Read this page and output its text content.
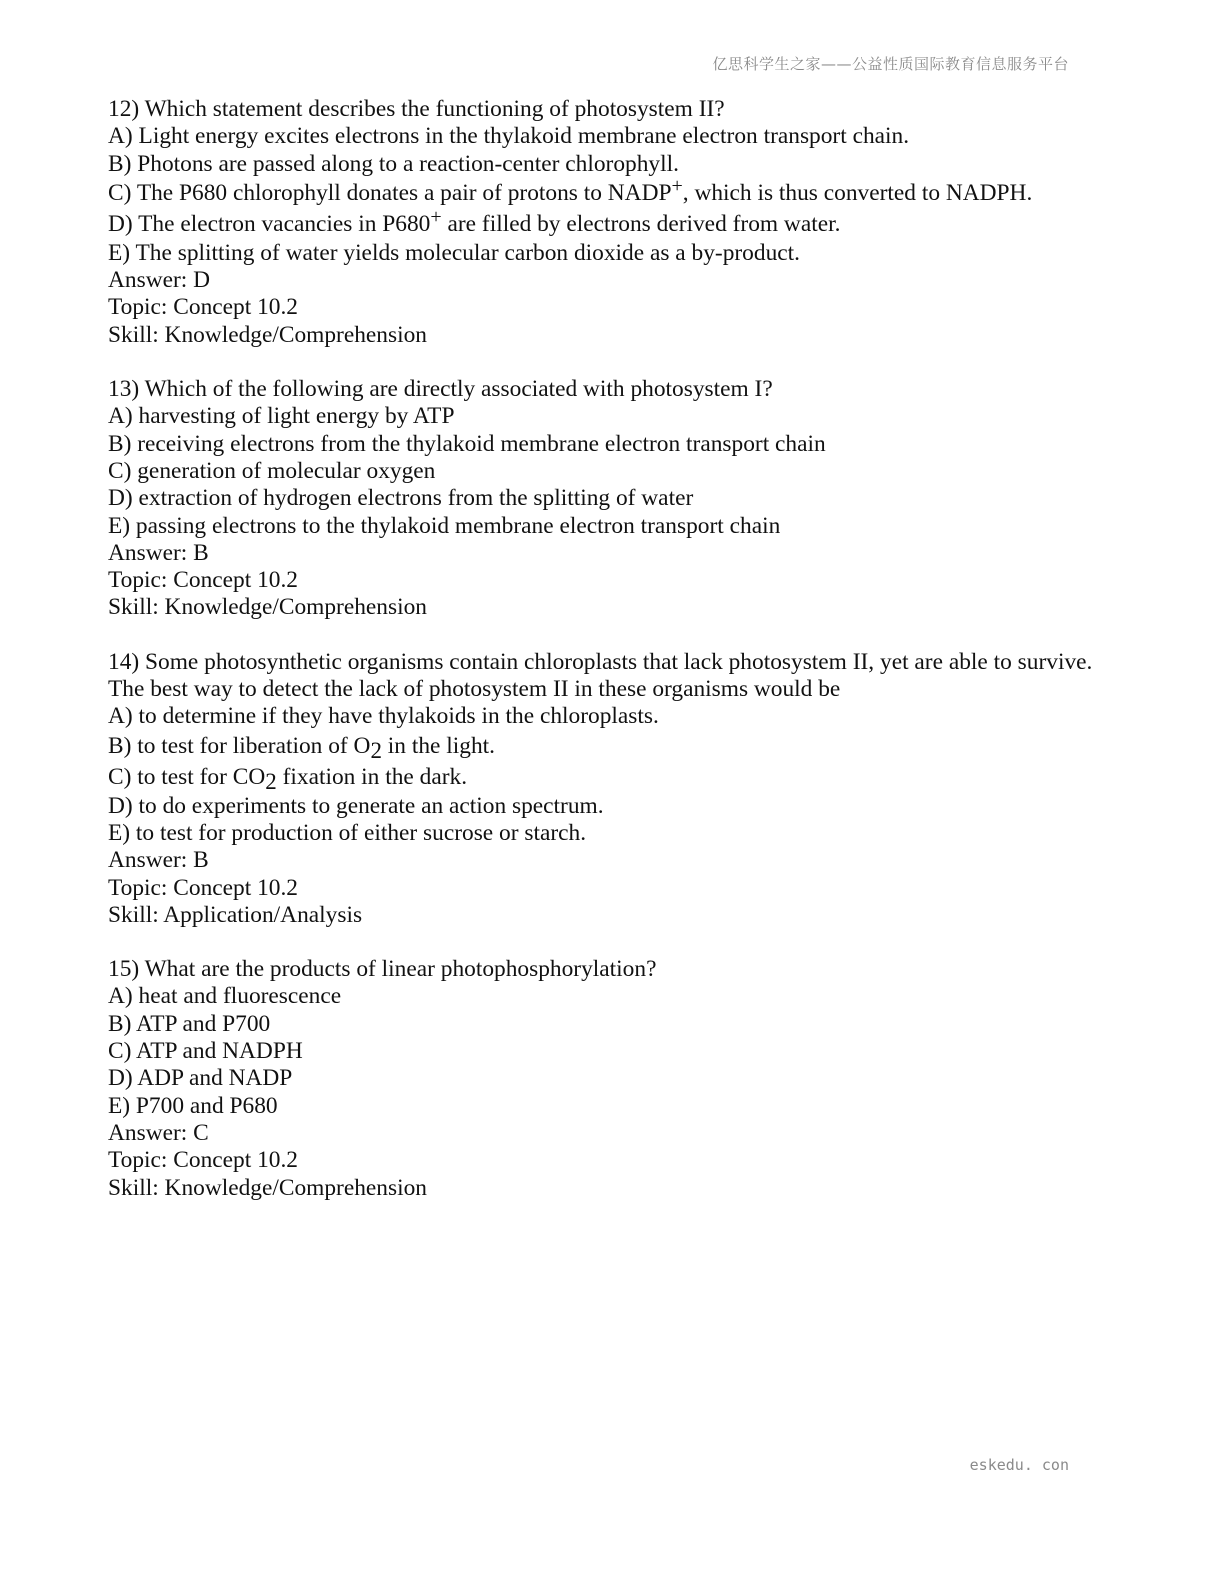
亿思科学生之家——公益性质国际教育信息服务平台
12) Which statement describes the functioning of photosystem II?
A) Light energy excites electrons in the thylakoid membrane electron transport chain.
B) Photons are passed along to a reaction-center chlorophyll.
C) The P680 chlorophyll donates a pair of protons to NADP+, which is thus converted to NADPH.
D) The electron vacancies in P680+ are filled by electrons derived from water.
E) The splitting of water yields molecular carbon dioxide as a by-product.
Answer: D
Topic: Concept 10.2
Skill: Knowledge/Comprehension
13) Which of the following are directly associated with photosystem I?
A) harvesting of light energy by ATP
B) receiving electrons from the thylakoid membrane electron transport chain
C) generation of molecular oxygen
D) extraction of hydrogen electrons from the splitting of water
E) passing electrons to the thylakoid membrane electron transport chain
Answer: B
Topic: Concept 10.2
Skill: Knowledge/Comprehension
14) Some photosynthetic organisms contain chloroplasts that lack photosystem II, yet are able to survive. The best way to detect the lack of photosystem II in these organisms would be
A) to determine if they have thylakoids in the chloroplasts.
B) to test for liberation of $O_2$ in the light.
C) to test for $CO_2$ fixation in the dark.
D) to do experiments to generate an action spectrum.
E) to test for production of either sucrose or starch.
Answer: B
Topic: Concept 10.2
Skill: Application/Analysis
15) What are the products of linear photophosphorylation?
A) heat and fluorescence
B) ATP and P700
C) ATP and NADPH
D) ADP and NADP
E) P700 and P680
Answer: C
Topic: Concept 10.2
Skill: Knowledge/Comprehension
eskedu. con
